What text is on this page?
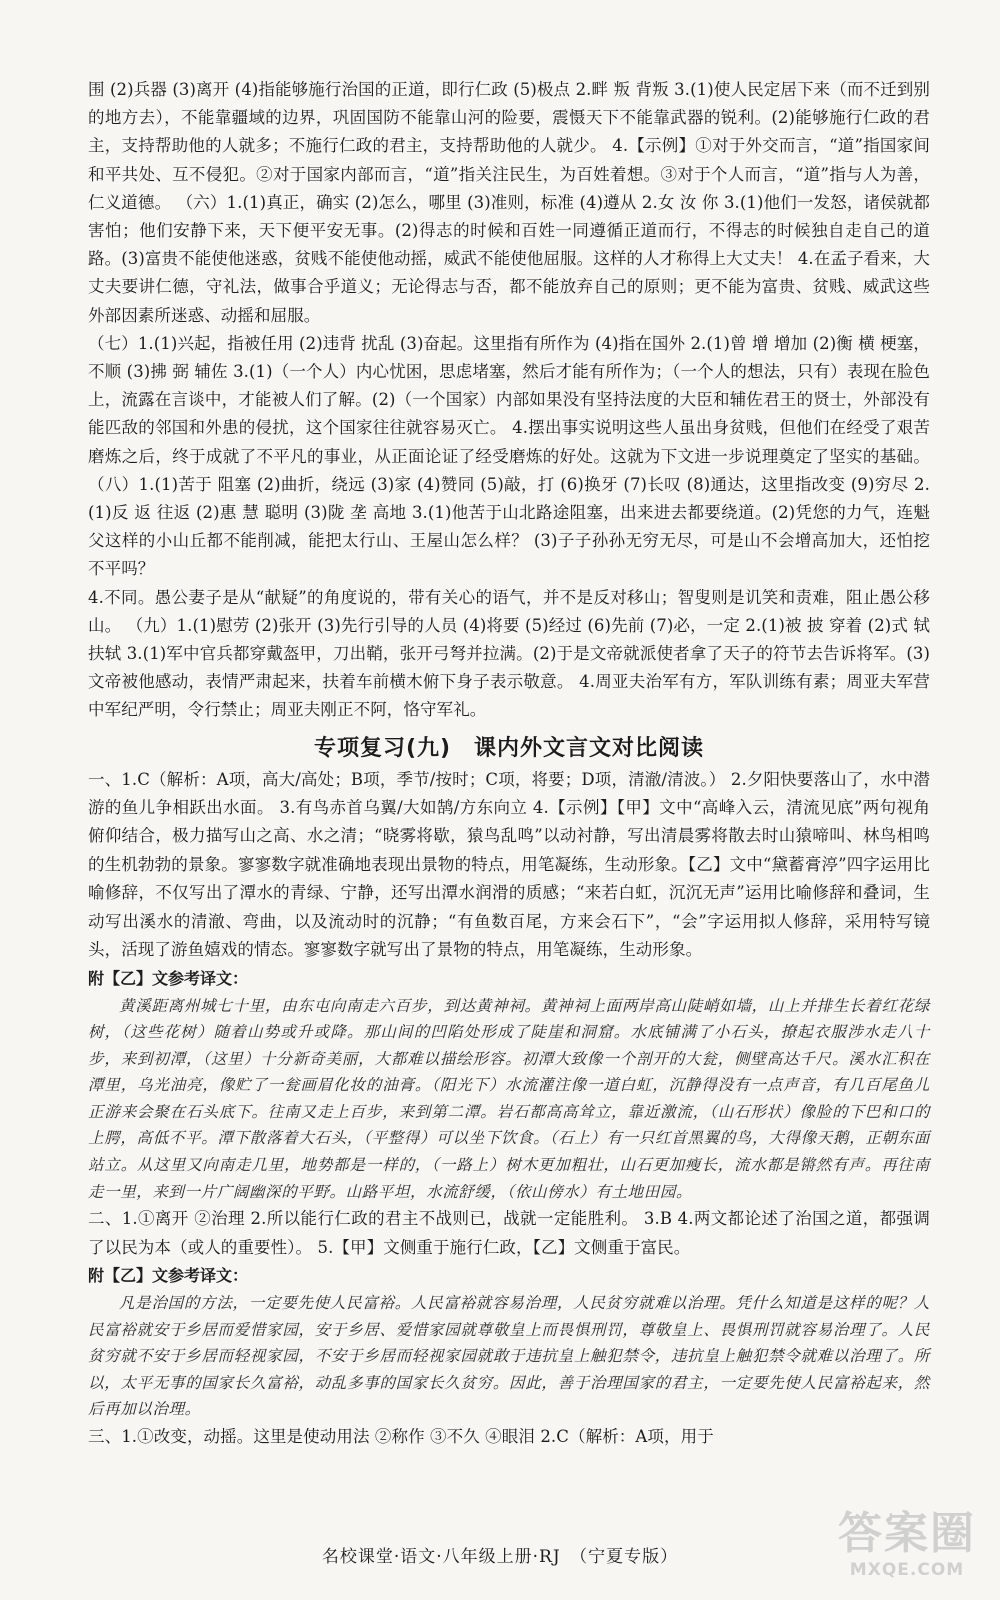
围 (2)兵器 (3)离开 (4)指能够施行治国的正道，即行仁政 (5)极点 2.畔 叛 背叛 3.(1)使人民定居下来（而不迁到别的地方去），不能靠疆域的边界，巩固国防不能靠山河的险要，震慑天下不能靠武器的锐利。(2)能够施行仁政的君主，支持帮助他的人就多；不施行仁政的君主，支持帮助他的人就少。 4.【示例】①对于外交而言，“道”指国家间和平共处、互不侵犯。②对于国家内部而言，“道”指关注民生，为百姓着想。③对于个人而言，“道”指与人为善，仁义道德。 （六）1.(1)真正，确实 (2)怎么，哪里 (3)准则，标准 (4)遵从 2.女 汝 你 3.(1)他们一发怒，诸侯就都害怕；他们安静下来，天下便平安无事。(2)得志的时候和百姓一同遵循正道而行，不得志的时候独自走自己的道路。(3)富贵不能使他迷惑，贫贱不能使他动摇，威武不能使他屈服。这样的人才称得上大丈夫！ 4.在孟子看来，大丈夫要讲仁德，守礼法，做事合乎道义；无论得志与否，都不能放弃自己的原则；更不能为富贵、贫贱、威武这些外部因素所迷惑、动摇和屈服。

（七）1.(1)兴起，指被任用 (2)违背 扰乱 (3)奋起。这里指有所作为 (4)指在国外 2.(1)曾 增 增加 (2)衡 横 梗塞，不顺 (3)拂 弼 辅佐 3.(1)（一个人）内心忧困，思虑堵塞，然后才能有所作为；（一个人的想法，只有）表现在脸色上，流露在言谈中，才能被人们了解。(2)（一个国家）内部如果没有坚持法度的大臣和辅佐君王的贤士，外部没有能匹敌的邻国和外患的侵扰，这个国家往往就容易灭亡。 4.摆出事实说明这些人虽出身贫贱，但他们在经受了艰苦磨炼之后，终于成就了不平凡的事业，从正面论证了经受磨炼的好处。这就为下文进一步说理奠定了坚实的基础。 （八）1.(1)苦于 阻塞 (2)曲折，绕远 (3)家 (4)赞同 (5)敲，打 (6)换牙 (7)长叹 (8)通达，这里指改变 (9)穷尽 2.(1)反 返 往返 (2)惠 慧 聪明 (3)陇 垄 高地 3.(1)他苦于山北路途阻塞，出来进去都要绕道。(2)凭您的力气，连魁父这样的小山丘都不能削减，能把太行山、王屋山怎么样？ (3)子子孙孙无穷无尽，可是山不会增高加大，还怕挖不平吗？

4.不同。愚公妻子是从“献疑”的角度说的，带有关心的语气，并不是反对移山；智叟则是讥笑和责难，阻止愚公移山。 （九）1.(1)慰劳 (2)张开 (3)先行引导的人员 (4)将要 (5)经过 (6)先前 (7)必，一定 2.(1)被 披 穿着 (2)式 轼 扶轼 3.(1)军中官兵都穿戴盔甲，刀出鞘，张开弓弩并拉满。(2)于是文帝就派使者拿了天子的符节去告诉将军。(3)文帝被他感动，表情严肃起来，扶着车前横木俯下身子表示敬意。 4.周亚夫治军有方，军队训练有素；周亚夫军营中军纪严明，令行禁止；周亚夫刚正不阿，恪守军礼。

专项复习(九)　课内外文言文对比阅读

一、1.C（解析：A项，高大/高处；B项，季节/按时；C项，将要；D项，清澈/清波。） 2.夕阳快要落山了，水中潜游的鱼儿争相跃出水面。 3.有鸟赤首乌翼/大如鹄/方东向立 4.【示例】【甲】文中“高峰入云，清流见底”两句视角俯仰结合，极力描写山之高、水之清；“晓雾将歇，猿鸟乱鸣”以动衬静，写出清晨雾将散去时山猿啼叫、林鸟相鸣的生机勃勃的景象。寥寥数字就准确地表现出景物的特点，用笔凝练，生动形象。【乙】文中“黛蓄膏渟”四字运用比喻修辞，不仅写出了潭水的青绿、宁静，还写出潭水润滑的质感；“来若白虹，沉沉无声”运用比喻修辞和叠词，生动写出溪水的清澈、弯曲，以及流动时的沉静；“有鱼数百尾，方来会石下”，“会”字运用拟人修辞，采用特写镜头，活现了游鱼嬉戏的情态。寥寥数字就写出了景物的特点，用笔凝练，生动形象。

附【乙】文参考译文：

黄溪距离州城七十里，由东屯向南走六百步，到达黄神祠。黄神祠上面两岸高山陡峭如墙，山上并排生长着红花绿树，（这些花树）随着山势或升或降。那山间的凹陷处形成了陡崖和洞窟。水底铺满了小石头，撩起衣服涉水走八十步，来到初潭，（这里）十分新奇美丽，大都难以描绘形容。初潭大致像一个剖开的大瓮，侧壁高达千尺。溪水汇积在潭里，乌光油亮，像贮了一瓮画眉化妆的油膏。（阳光下）水流灌注像一道白虹，沉静得没有一点声音，有几百尾鱼儿正游来会聚在石头底下。往南又走上百步，来到第二潭。岩石都高高耸立，靠近激流，（山石形状）像脸的下巴和口的上腭，高低不平。潭下散落着大石头，（平整得）可以坐下饮食。（石上）有一只红首黑翼的鸟，大得像天鹅，正朝东面站立。从这里又向南走几里，地势都是一样的，（一路上）树木更加粗壮，山石更加瘦长，流水都是锵然有声。再往南走一里，来到一片广阔幽深的平野。山路平坦，水流舒缓，（依山傍水）有土地田园。

二、1.①离开 ②治理 2.所以能行仁政的君主不战则已，战就一定能胜利。 3.B 4.两文都论述了治国之道，都强调了以民为本（或人的重要性）。 5.【甲】文侧重于施行仁政，【乙】文侧重于富民。

附【乙】文参考译文：

凡是治国的方法，一定要先使人民富裕。人民富裕就容易治理，人民贫穷就难以治理。凭什么知道是这样的呢？人民富裕就安于乡居而爱惜家园，安于乡居、爱惜家园就尊敬皇上而畏惧刑罚，尊敬皇上、畏惧刑罚就容易治理了。人民贫穷就不安于乡居而轻视家园，不安于乡居而轻视家园就敢于违抗皇上触犯禁令，违抗皇上触犯禁令就难以治理了。所以，太平无事的国家长久富裕，动乱多事的国家长久贫穷。因此，善于治理国家的君主，一定要先使人民富裕起来，然后再加以治理。

三、1.①改变，动摇。这里是使动用法 ②称作 ③不久 ④眼泪 2.C（解析：A项，用于

名校课堂·语文·八年级上册·RJ　（宁夏专版）	答案圈
MXQE.COM
